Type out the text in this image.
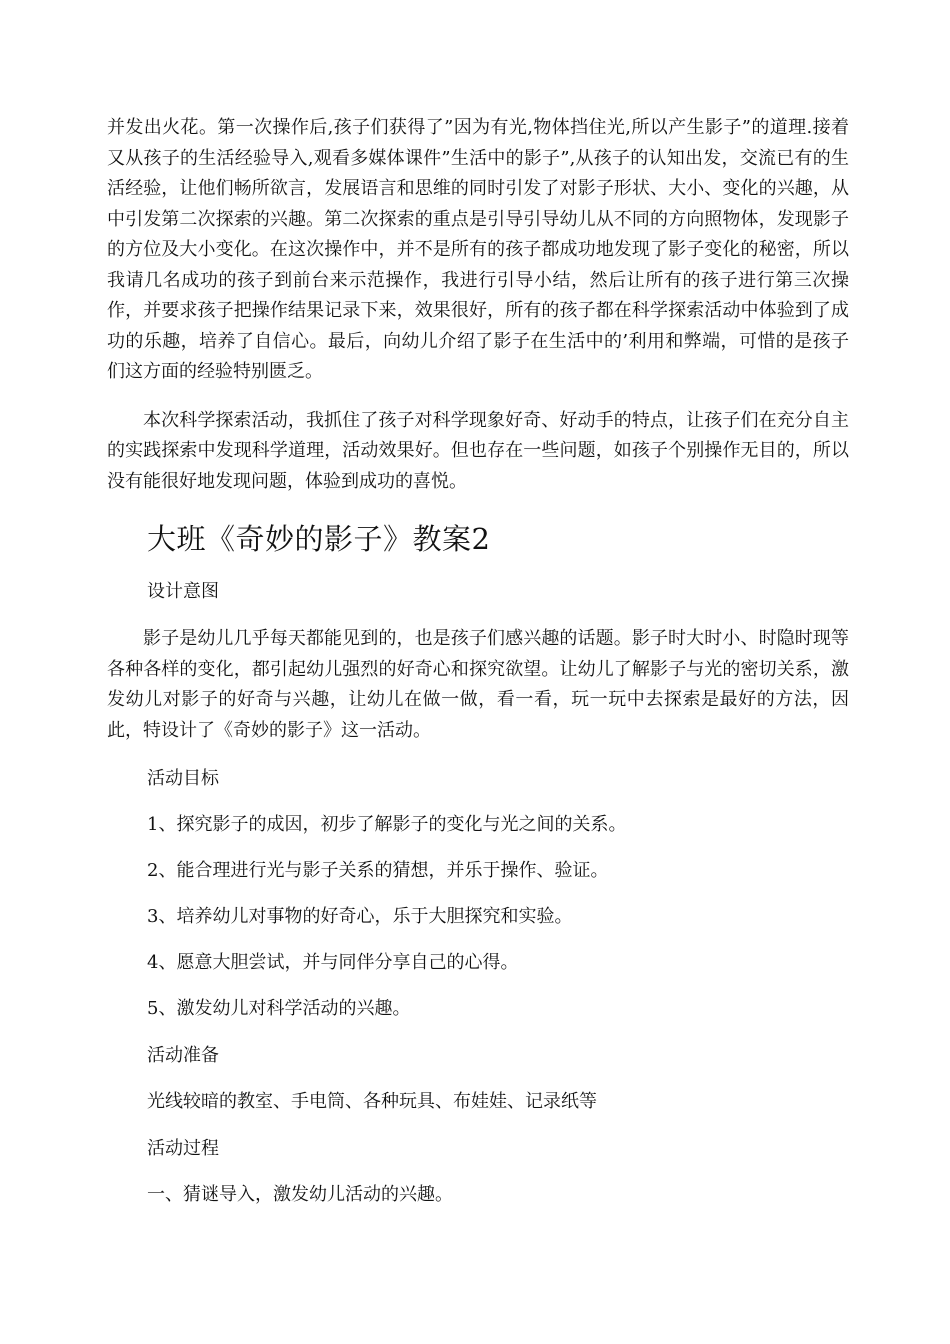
并发出火花。第一次操作后,孩子们获得了”因为有光,物体挡住光,所以产生影子”的道理.接着又从孩子的生活经验导入,观看多媒体课件”生活中的影子”,从孩子的认知出发，交流已有的生活经验，让他们畅所欲言，发展语言和思维的同时引发了对影子形状、大小、变化的兴趣，从中引发第二次探索的兴趣。第二次探索的重点是引导引导幼儿从不同的方向照物体，发现影子的方位及大小变化。在这次操作中，并不是所有的孩子都成功地发现了影子变化的秘密，所以我请几名成功的孩子到前台来示范操作，我进行引导小结，然后让所有的孩子进行第三次操作，并要求孩子把操作结果记录下来，效果很好，所有的孩子都在科学探索活动中体验到了成功的乐趣，培养了自信心。最后，向幼儿介绍了影子在生活中的’利用和弊端，可惜的是孩子们这方面的经验特别匮乏。

本次科学探索活动，我抓住了孩子对科学现象好奇、好动手的特点，让孩子们在充分自主的实践探索中发现科学道理，活动效果好。但也存在一些问题，如孩子个别操作无目的，所以没有能很好地发现问题，体验到成功的喜悦。

大班《奇妙的影子》教案2
设计意图

影子是幼儿几乎每天都能见到的，也是孩子们感兴趣的话题。影子时大时小、时隐时现等各种各样的变化，都引起幼儿强烈的好奇心和探究欲望。让幼儿了解影子与光的密切关系，激发幼儿对影子的好奇与兴趣，让幼儿在做一做，看一看，玩一玩中去探索是最好的方法，因此，特设计了《奇妙的影子》这一活动。

活动目标
1、探究影子的成因，初步了解影子的变化与光之间的关系。
2、能合理进行光与影子关系的猜想，并乐于操作、验证。
3、培养幼儿对事物的好奇心，乐于大胆探究和实验。
4、愿意大胆尝试，并与同伴分享自己的心得。
5、激发幼儿对科学活动的兴趣。
活动准备
光线较暗的教室、手电筒、各种玩具、布娃娃、记录纸等
活动过程
一、猜谜导入，激发幼儿活动的兴趣。
